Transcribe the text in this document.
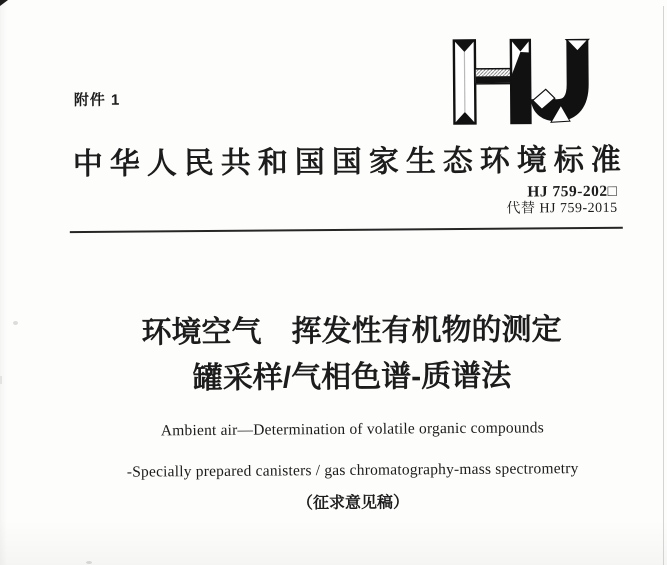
附件 1
中华人民共和国国家生态环境标准
HJ 759-202□
代替 HJ 759-2015
环境空气　挥发性有机物的测定
罐采样/气相色谱-质谱法
Ambient air—Determination of volatile organic compounds
-Specially prepared canisters / gas chromatography-mass spectrometry
（征求意见稿）
